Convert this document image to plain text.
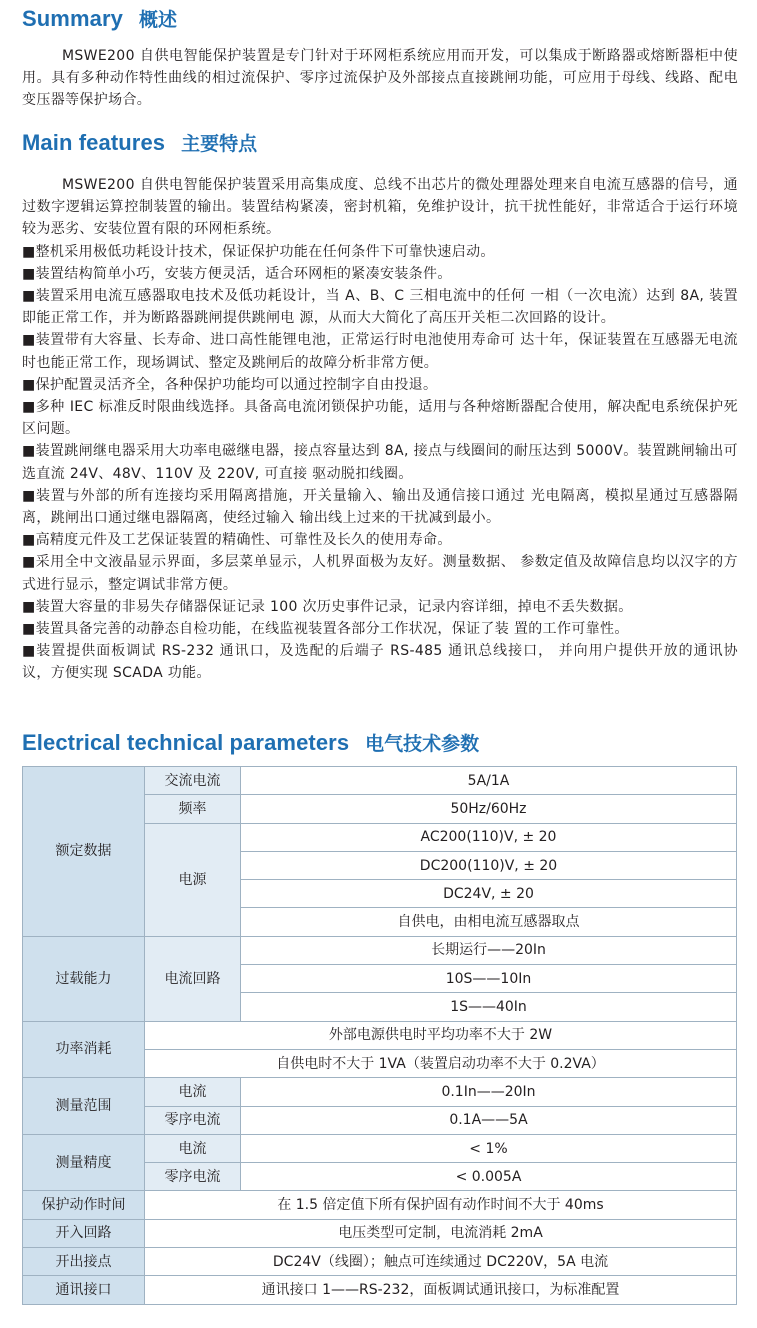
Summary 概述

MSWE200 自供电智能保护装置是专门针对于环网柜系统应用而开发，可以集成于断路器或熔断器柜中使用。具有多种动作特性曲线的相过流保护、零序过流保护及外部接点直接跳闸功能，可应用于母线、线路、配电变压器等保护场合。

Main features 主要特点

MSWE200 自供电智能保护装置采用高集成度、总线不出芯片的微处理器处理来自电流互感器的信号，通过数字逻辑运算控制装置的输出。装置结构紧凑，密封机箱，免维护设计，抗干扰性能好，非常适合于运行环境较为恶劣、安装位置有限的环网柜系统。

■整机采用极低功耗设计技术，保证保护功能在任何条件下可靠快速启动。

■装置结构简单小巧，安装方便灵活，适合环网柜的紧凑安装条件。

■装置采用电流互感器取电技术及低功耗设计，当 A、B、C 三相电流中的任何 一相（一次电流）达到 8A, 装置即能正常工作，并为断路器跳闸提供跳闸电 源，从而大大简化了高压开关柜二次回路的设计。

■装置带有大容量、长寿命、进口高性能锂电池，正常运行时电池使用寿命可 达十年，保证装置在互感器无电流时也能正常工作，现场调试、整定及跳闸后的故障分析非常方便。

■保护配置灵活齐全，各种保护功能均可以通过控制字自由投退。

■多种 IEC 标准反时限曲线选择。具备高电流闭锁保护功能，适用与各种熔断器配合使用，解决配电系统保护死区问题。

■装置跳闸继电器采用大功率电磁继电器，接点容量达到 8A, 接点与线圈间的耐压达到 5000V。装置跳闸输出可选直流 24V、48V、110V 及 220V, 可直接 驱动脱扣线圈。

■装置与外部的所有连接均采用隔离措施，开关量输入、输出及通信接口通过 光电隔离，模拟星通过互感器隔离，跳闸出口通过继电器隔离，使经过输入 输出线上过来的干扰减到最小。

■高精度元件及工艺保证装置的精确性、可靠性及长久的使用寿命。

■采用全中文液晶显示界面，多层菜单显示，人机界面极为友好。测量数据、 参数定值及故障信息均以汉字的方式进行显示，整定调试非常方便。

■装置大容量的非易失存储器保证记录 100 次历史事件记录，记录内容详细，掉电不丢失数据。

■装置具备完善的动静态自检功能，在线监视装置各部分工作状况，保证了装 置的工作可靠性。

■装置提供面板调试 RS-232 通讯口，及选配的后端子 RS-485 通讯总线接口， 并向用户提供开放的通讯协议，方便实现 SCADA 功能。

Electrical technical parameters 电气技术参数
额定数据	交流电流	5A/1A
	频率	50Hz/60Hz
	电源	AC200(110)V, ± 20
		DC200(110)V, ± 20
		DC24V, ± 20
		自供电，由相电流互感器取点
过载能力	电流回路	长期运行——20In
		10S——10In
		1S——40In
功率消耗	外部电源供电时平均功率不大于 2W	
	自供电时不大于 1VA（装置启动功率不大于 0.2VA）	
测量范围	电流	0.1In——20In
	零序电流	0.1A——5A
测量精度	电流	< 1%
	零序电流	< 0.005A
保护动作时间	在 1.5 倍定值下所有保护固有动作时间不大于 40ms	
开入回路	电压类型可定制，电流消耗 2mA	
开出接点	DC24V（线圈）；触点可连续通过 DC220V，5A 电流	
通讯接口	通讯接口 1——RS-232，面板调试通讯接口，为标准配置	
